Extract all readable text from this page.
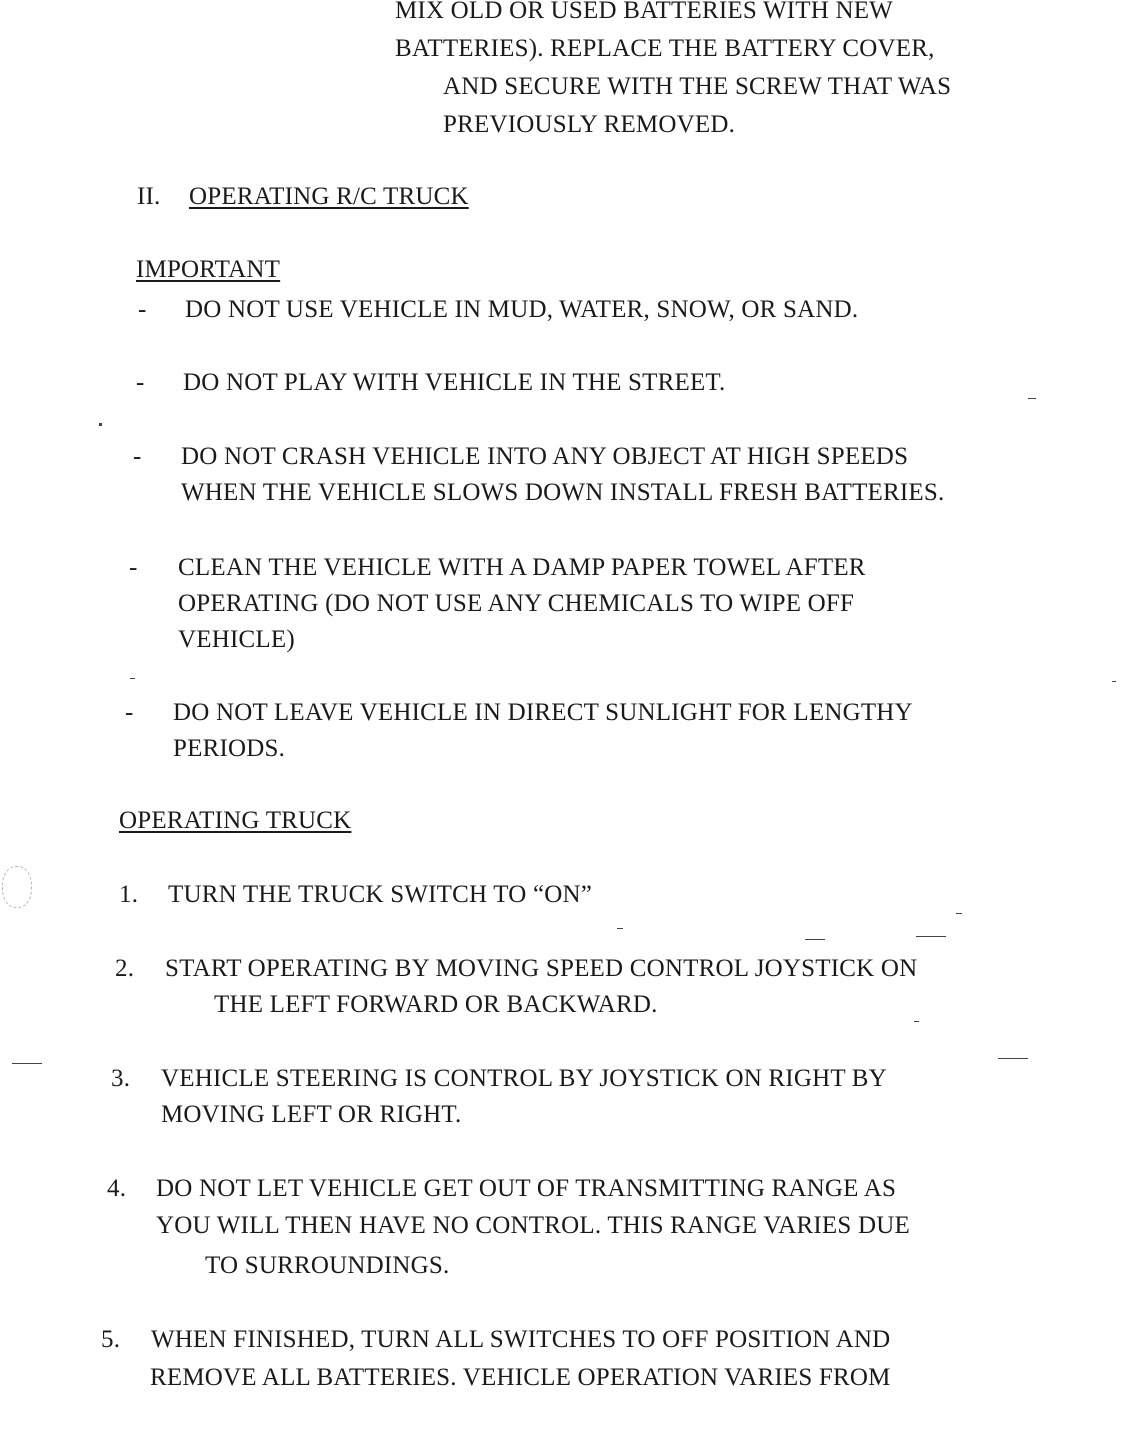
MIX OLD OR USED BATTERIES WITH NEW
BATTERIES). REPLACE THE BATTERY COVER,
AND SECURE WITH THE SCREW THAT WAS
PREVIOUSLY REMOVED.
II. OPERATING R/C TRUCK
IMPORTANT
- DO NOT USE VEHICLE IN MUD, WATER, SNOW, OR SAND.
- DO NOT PLAY WITH VEHICLE IN THE STREET.
- DO NOT CRASH VEHICLE INTO ANY OBJECT AT HIGH SPEEDS
WHEN THE VEHICLE SLOWS DOWN INSTALL FRESH BATTERIES.
- CLEAN THE VEHICLE WITH A DAMP PAPER TOWEL AFTER
OPERATING (DO NOT USE ANY CHEMICALS TO WIPE OFF
VEHICLE)
- DO NOT LEAVE VEHICLE IN DIRECT SUNLIGHT FOR LENGTHY
PERIODS.
OPERATING TRUCK
1. TURN THE TRUCK SWITCH TO “ON”
2. START OPERATING BY MOVING SPEED CONTROL JOYSTICK ON
THE LEFT FORWARD OR BACKWARD.
3. VEHICLE STEERING IS CONTROL BY JOYSTICK ON RIGHT BY
MOVING LEFT OR RIGHT.
4. DO NOT LET VEHICLE GET OUT OF TRANSMITTING RANGE AS
YOU WILL THEN HAVE NO CONTROL. THIS RANGE VARIES DUE
TO SURROUNDINGS.
5. WHEN FINISHED, TURN ALL SWITCHES TO OFF POSITION AND
REMOVE ALL BATTERIES. VEHICLE OPERATION VARIES FROM
